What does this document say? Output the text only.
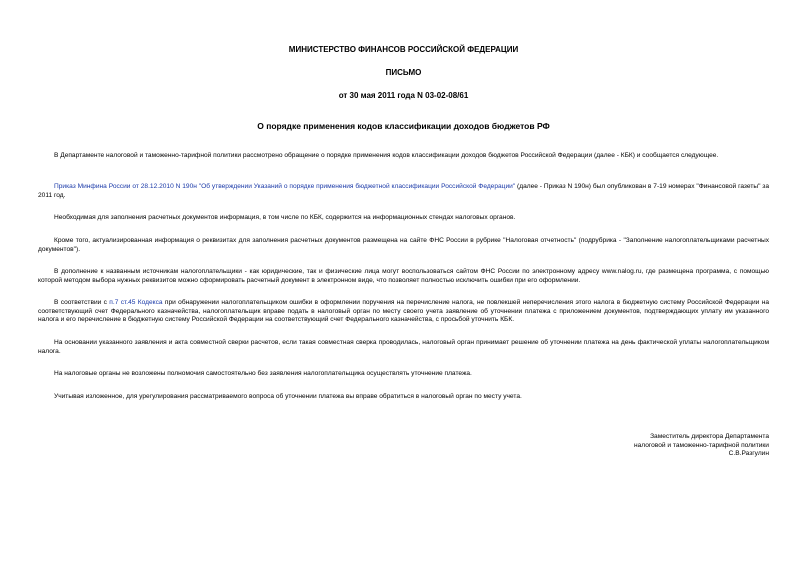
МИНИСТЕРСТВО ФИНАНСОВ РОССИЙСКОЙ ФЕДЕРАЦИИ
ПИСЬМО
от 30 мая 2011 года N 03-02-08/61
О порядке применения кодов классификации доходов бюджетов РФ
В Департаменте налоговой и таможенно-тарифной политики рассмотрено обращение о порядке применения кодов классификации доходов бюджетов Российской Федерации (далее - КБК) и сообщается следующее.
Приказ Минфина России от 28.12.2010 N 190н "Об утверждении Указаний о порядке применения бюджетной классификации Российской Федерации" (далее - Приказ N 190н) был опубликован в 7-19 номерах "Финансовой газеты" за 2011 год.
Необходимая для заполнения расчетных документов информация, в том числе по КБК, содержится на информационных стендах налоговых органов.
Кроме того, актуализированная информация о реквизитах для заполнения расчетных документов размещена на сайте ФНС России в рубрике "Налоговая отчетность" (подрубрика - "Заполнение налогоплательщиками расчетных документов").
В дополнение к названным источникам налогоплательщики - как юридические, так и физические лица могут воспользоваться сайтом ФНС России по электронному адресу www.nalog.ru, где размещена программа, с помощью которой методом выбора нужных реквизитов можно сформировать расчетный документ в электронном виде, что позволяет полностью исключить ошибки при его оформлении.
В соответствии с п.7 ст.45 Кодекса при обнаружении налогоплательщиком ошибки в оформлении поручения на перечисление налога, не повлекшей неперечисления этого налога в бюджетную систему Российской Федерации на соответствующий счет Федерального казначейства, налогоплательщик вправе подать в налоговый орган по месту своего учета заявление об уточнении платежа с приложением документов, подтверждающих уплату им указанного налога и его перечисление в бюджетную систему Российской Федерации на соответствующий счет Федерального казначейства, с просьбой уточнить КБК.
На основании указанного заявления и акта совместной сверки расчетов, если такая совместная сверка проводилась, налоговый орган принимает решение об уточнении платежа на день фактической уплаты налогоплательщиком налога.
На налоговые органы не возложены полномочия самостоятельно без заявления налогоплательщика осуществлять уточнение платежа.
Учитывая изложенное, для урегулирования рассматриваемого вопроса об уточнении платежа вы вправе обратиться в налоговый орган по месту учета.
Заместитель директора Департамента
налоговой и таможенно-тарифной политики
С.В.Разгулин
